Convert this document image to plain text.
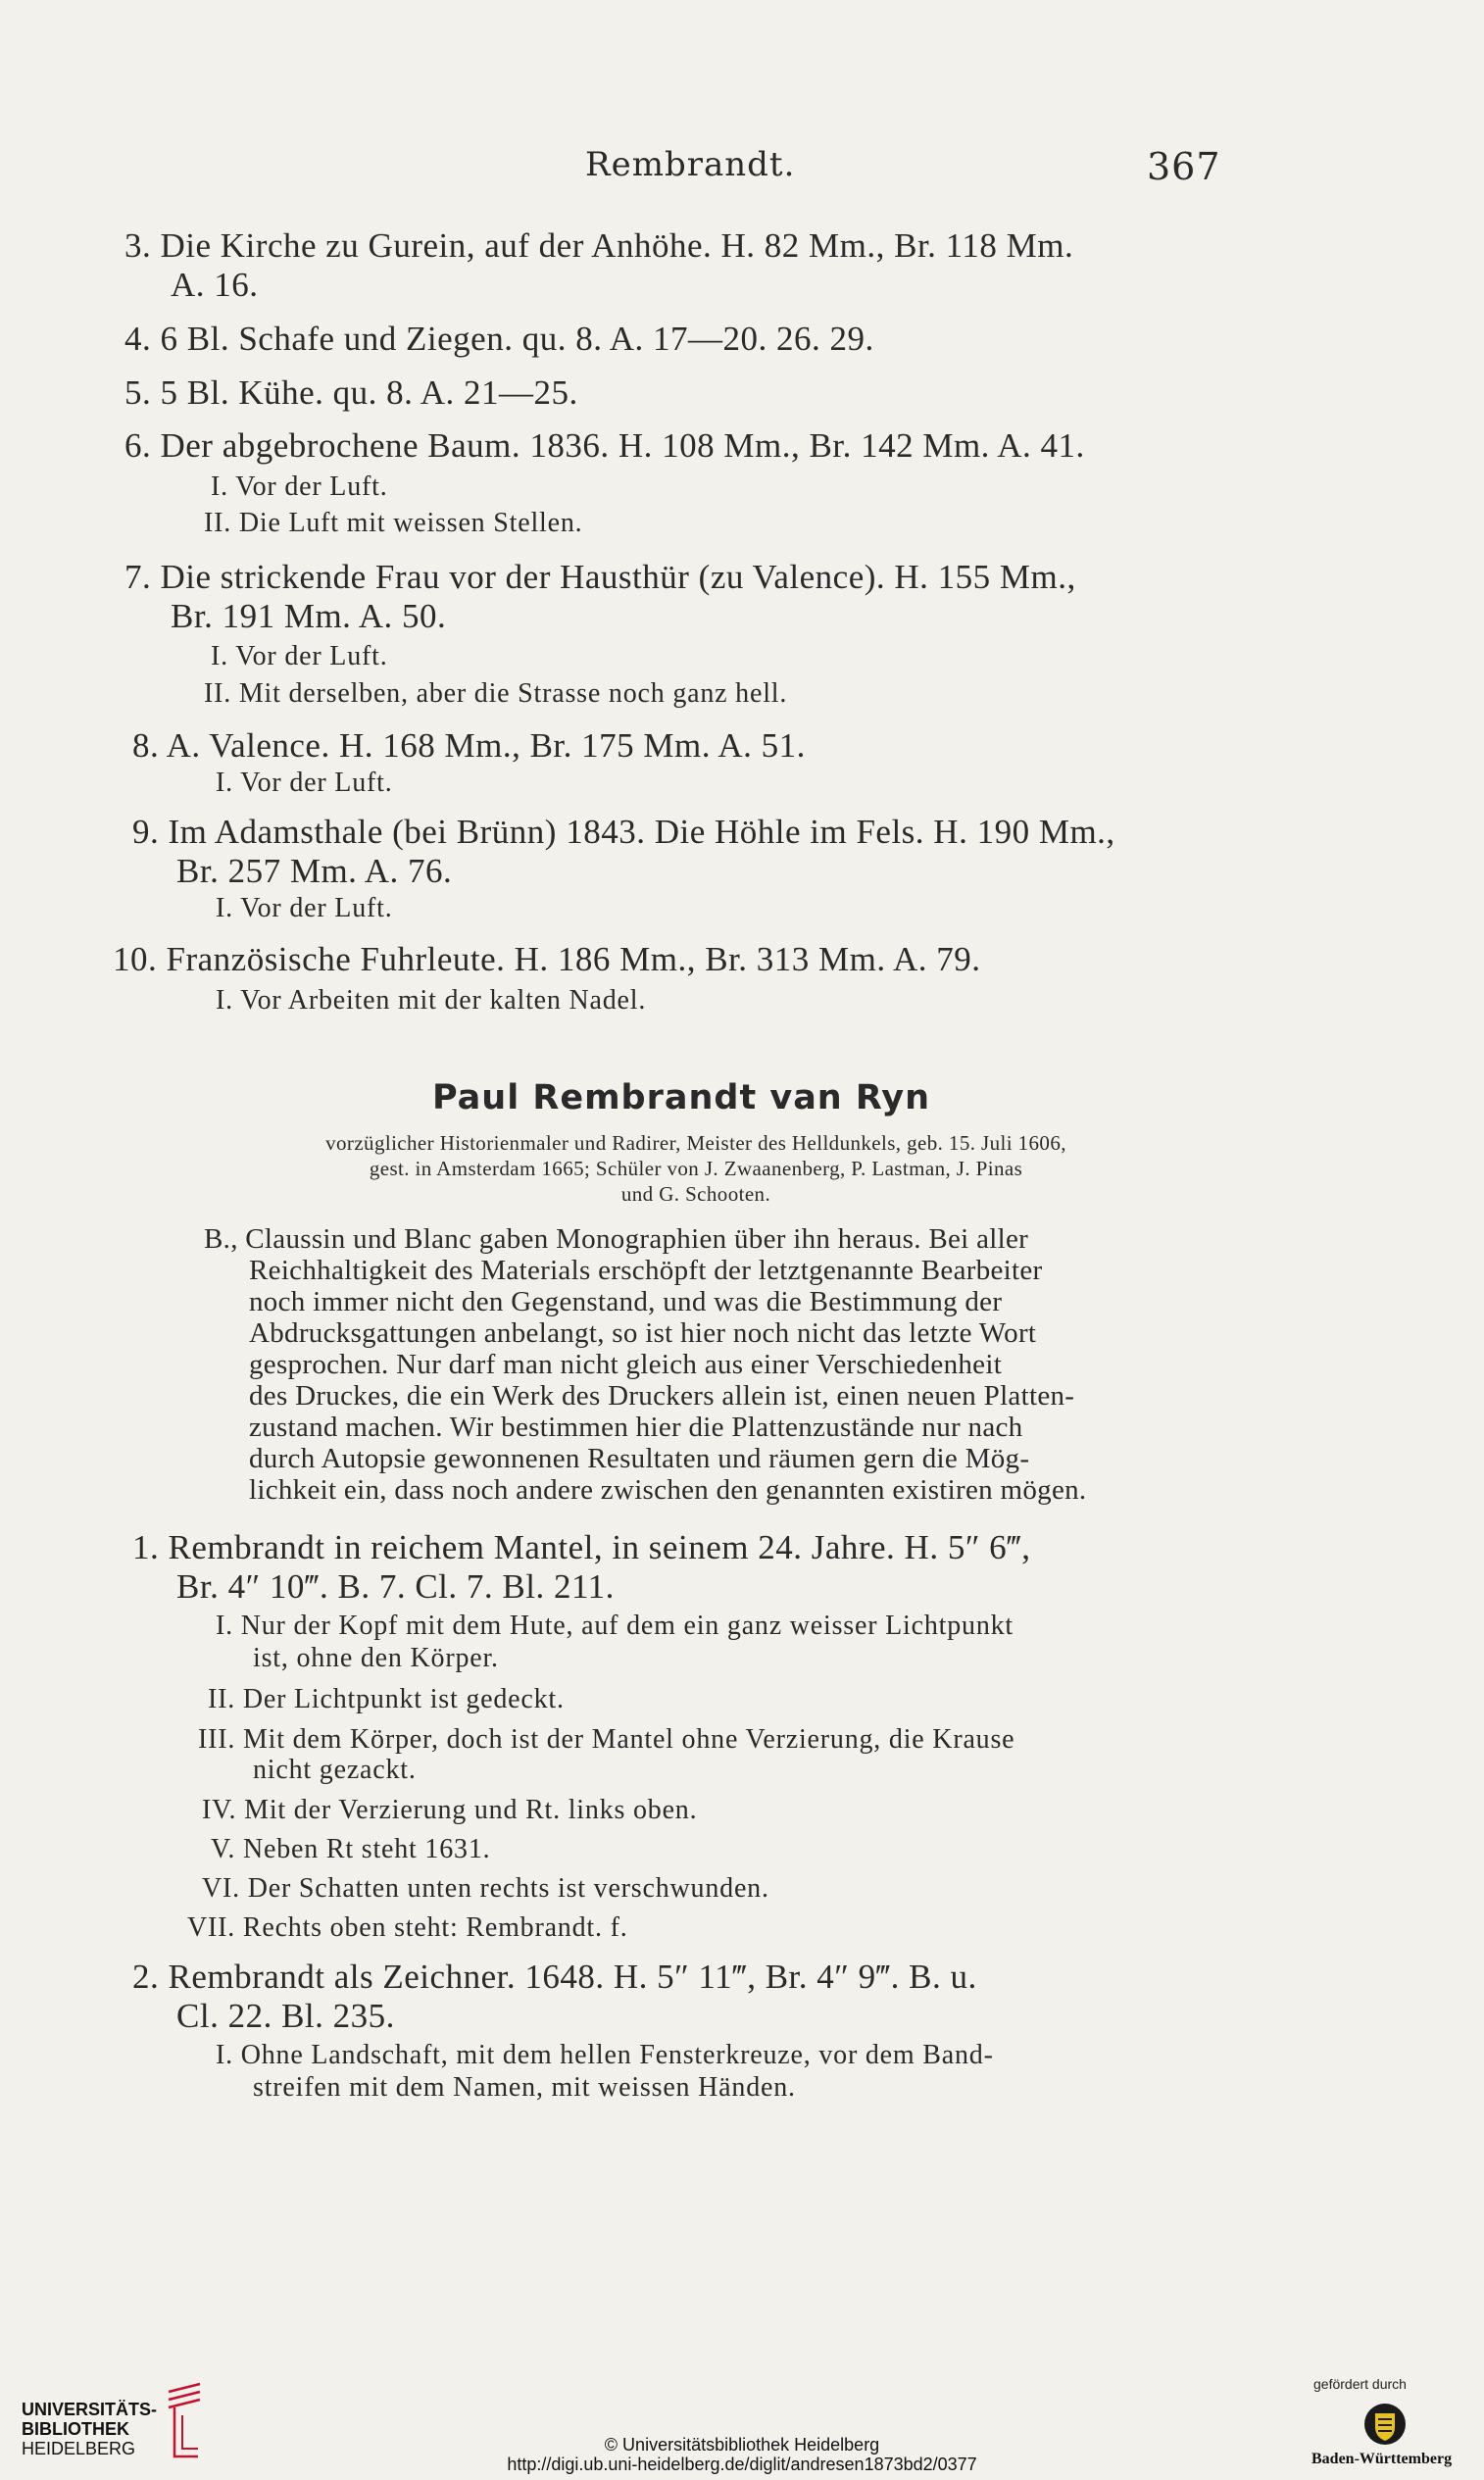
Rembrandt.	367
3. Die Kirche zu Gurein, auf der Anhöhe. H. 82 Mm., Br. 118 Mm.
A. 16.
4. 6 Bl. Schafe und Ziegen. qu. 8. A. 17—20. 26. 29.
5. 5 Bl. Kühe. qu. 8. A. 21—25.
6. Der abgebrochene Baum. 1836. H. 108 Mm., Br. 142 Mm. A. 41.
I. Vor der Luft.
II. Die Luft mit weissen Stellen.
7. Die strickende Frau vor der Hausthür (zu Valence). H. 155 Mm.,
Br. 191 Mm. A. 50.
I. Vor der Luft.
II. Mit derselben, aber die Strasse noch ganz hell.
8. A. Valence. H. 168 Mm., Br. 175 Mm. A. 51.
I. Vor der Luft.
9. Im Adamsthale (bei Brünn) 1843. Die Höhle im Fels. H. 190 Mm.,
Br. 257 Mm. A. 76.
I. Vor der Luft.
10. Französische Fuhrleute. H. 186 Mm., Br. 313 Mm. A. 79.
I. Vor Arbeiten mit der kalten Nadel.
Paul Rembrandt van Ryn
vorzüglicher Historienmaler und Radirer, Meister des Helldunkels, geb. 15. Juli 1606,
gest. in Amsterdam 1665; Schüler von J. Zwaanenberg, P. Lastman, J. Pinas
und G. Schooten.
B., Claussin und Blanc gaben Monographien über ihn heraus. Bei aller
Reichhaltigkeit des Materials erschöpft der letztgenannte Bearbeiter
noch immer nicht den Gegenstand, und was die Bestimmung der
Abdrucksgattungen anbelangt, so ist hier noch nicht das letzte Wort
gesprochen. Nur darf man nicht gleich aus einer Verschiedenheit
des Druckes, die ein Werk des Druckers allein ist, einen neuen Platten-
zustand machen. Wir bestimmen hier die Plattenzustände nur nach
durch Autopsie gewonnenen Resultaten und räumen gern die Mög-
lichkeit ein, dass noch andere zwischen den genannten existiren mögen.
1. Rembrandt in reichem Mantel, in seinem 24. Jahre. H. 5″ 6‴,
Br. 4″ 10‴. B. 7. Cl. 7. Bl. 211.
I. Nur der Kopf mit dem Hute, auf dem ein ganz weisser Lichtpunkt
ist, ohne den Körper.
II. Der Lichtpunkt ist gedeckt.
III. Mit dem Körper, doch ist der Mantel ohne Verzierung, die Krause
nicht gezackt.
IV. Mit der Verzierung und Rt. links oben.
V. Neben Rt steht 1631.
VI. Der Schatten unten rechts ist verschwunden.
VII. Rechts oben steht: Rembrandt. f.
2. Rembrandt als Zeichner. 1648. H. 5″ 11‴, Br. 4″ 9‴. B. u.
Cl. 22. Bl. 235.
I. Ohne Landschaft, mit dem hellen Fensterkreuze, vor dem Band-
streifen mit dem Namen, mit weissen Händen.
UNIVERSITÄTS-
BIBLIOTHEK
HEIDELBERG	© Universitätsbibliothek Heidelberg
http://digi.ub.uni-heidelberg.de/diglit/andresen1873bd2/0377
gefördert durch
Baden-Württemberg
